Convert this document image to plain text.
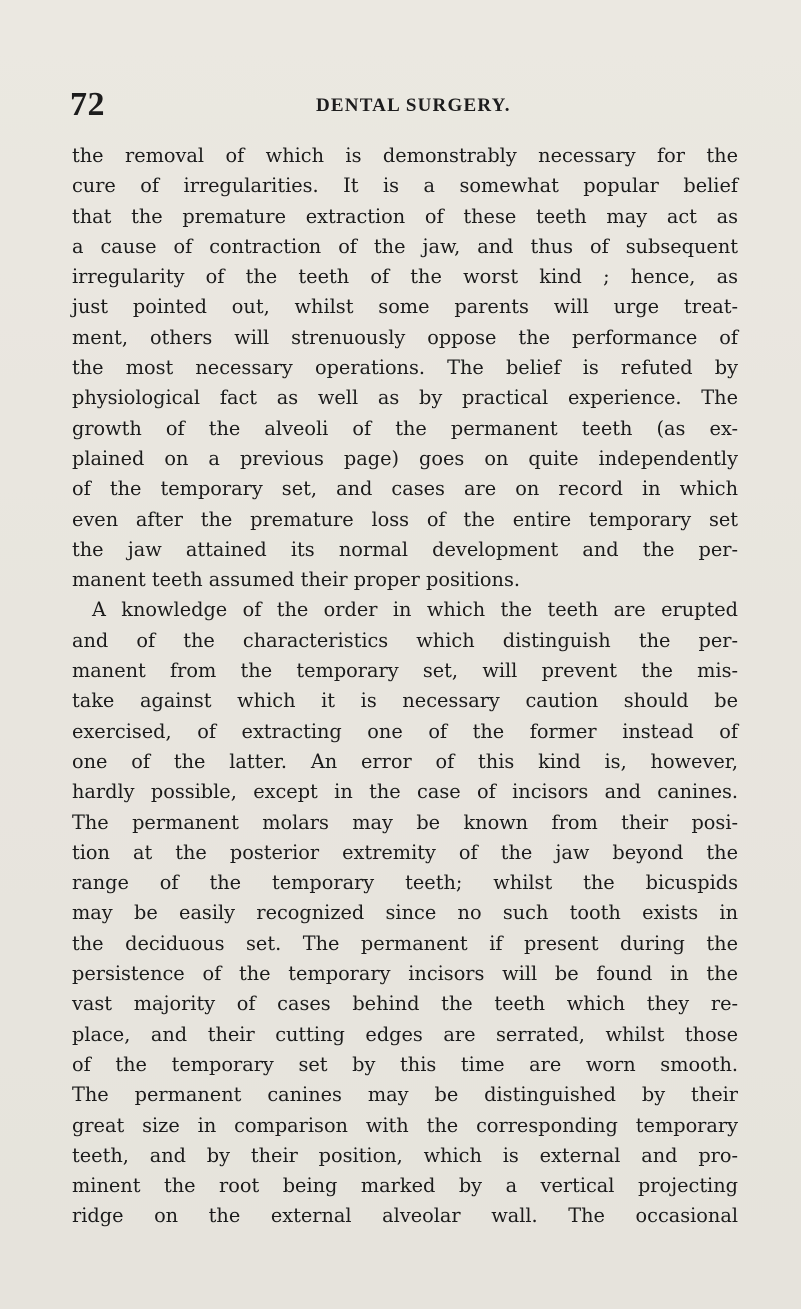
72	DENTAL SURGERY.
the removal of which is demonstrably necessary for the
cure of irregularities. It is a somewhat popular belief
that the premature extraction of these teeth may act as
a cause of contraction of the jaw, and thus of subsequent
irregularity of the teeth of the worst kind ; hence, as
just pointed out, whilst some parents will urge treat-
ment, others will strenuously oppose the performance of
the most necessary operations. The belief is refuted by
physiological fact as well as by practical experience. The
growth of the alveoli of the permanent teeth (as ex-
plained on a previous page) goes on quite independently
of the temporary set, and cases are on record in which
even after the premature loss of the entire temporary set
the jaw attained its normal development and the per-
manent teeth assumed their proper positions.
A knowledge of the order in which the teeth are erupted
and of the characteristics which distinguish the per-
manent from the temporary set, will prevent the mis-
take against which it is necessary caution should be
exercised, of extracting one of the former instead of
one of the latter. An error of this kind is, however,
hardly possible, except in the case of incisors and canines.
The permanent molars may be known from their posi-
tion at the posterior extremity of the jaw beyond the
range of the temporary teeth; whilst the bicuspids
may be easily recognized since no such tooth exists in
the deciduous set. The permanent if present during the
persistence of the temporary incisors will be found in the
vast majority of cases behind the teeth which they re-
place, and their cutting edges are serrated, whilst those
of the temporary set by this time are worn smooth.
The permanent canines may be distinguished by their
great size in comparison with the corresponding temporary
teeth, and by their position, which is external and pro-
minent the root being marked by a vertical projecting
ridge on the external alveolar wall. The occasional
